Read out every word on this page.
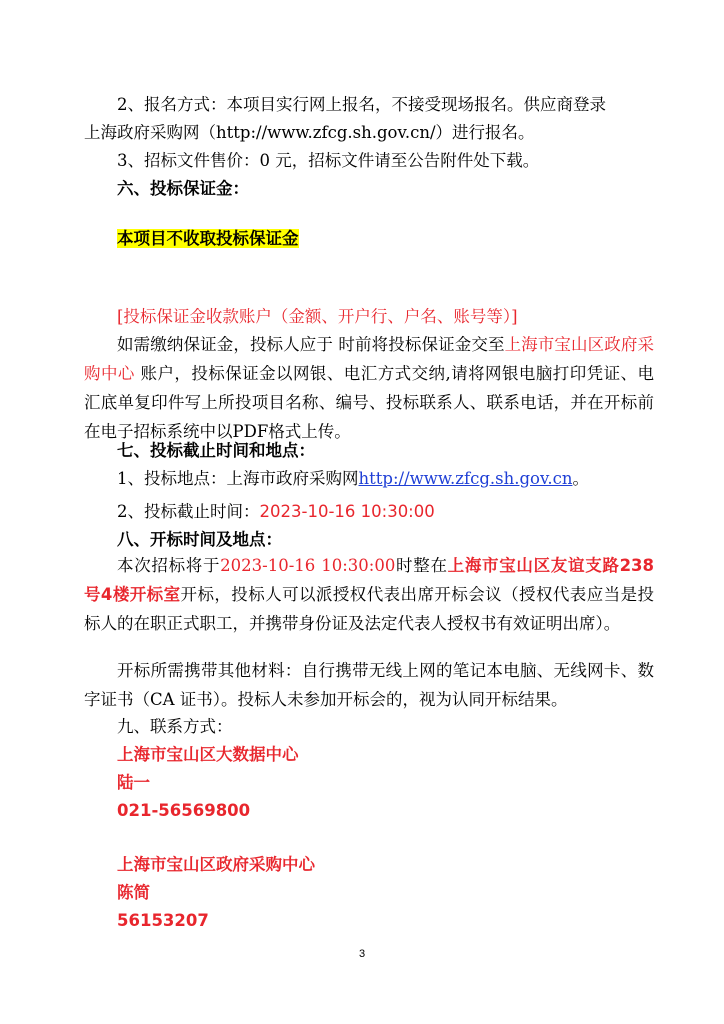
2、报名方式：本项目实行网上报名，不接受现场报名。供应商登录
上海政府采购网（http://www.zfcg.sh.gov.cn/）进行报名。
3、招标文件售价：0 元，招标文件请至公告附件处下载。
六、投标保证金：
本项目不收取投标保证金
[投标保证金收款账户（金额、开户行、户名、账号等）]
如需缴纳保证金，投标人应于 时前将投标保证金交至上海市宝山区政府采购中心 账户，投标保证金以网银、电汇方式交纳,请将网银电脑打印凭证、电汇底单复印件写上所投项目名称、编号、投标联系人、联系电话，并在开标前在电子招标系统中以PDF格式上传。
七、投标截止时间和地点：
1、投标地点：上海市政府采购网http://www.zfcg.sh.gov.cn。
2、投标截止时间：2023-10-16 10:30:00
八、开标时间及地点：
本次招标将于2023-10-16 10:30:00时整在上海市宝山区友谊支路238号4楼开标室开标，投标人可以派授权代表出席开标会议（授权代表应当是投标人的在职正式职工，并携带身份证及法定代表人授权书有效证明出席）。
开标所需携带其他材料：自行携带无线上网的笔记本电脑、无线网卡、数字证书（CA 证书）。投标人未参加开标会的，视为认同开标结果。
九、联系方式：
上海市宝山区大数据中心
陆一
021-56569800
上海市宝山区政府采购中心
陈简
56153207
3
